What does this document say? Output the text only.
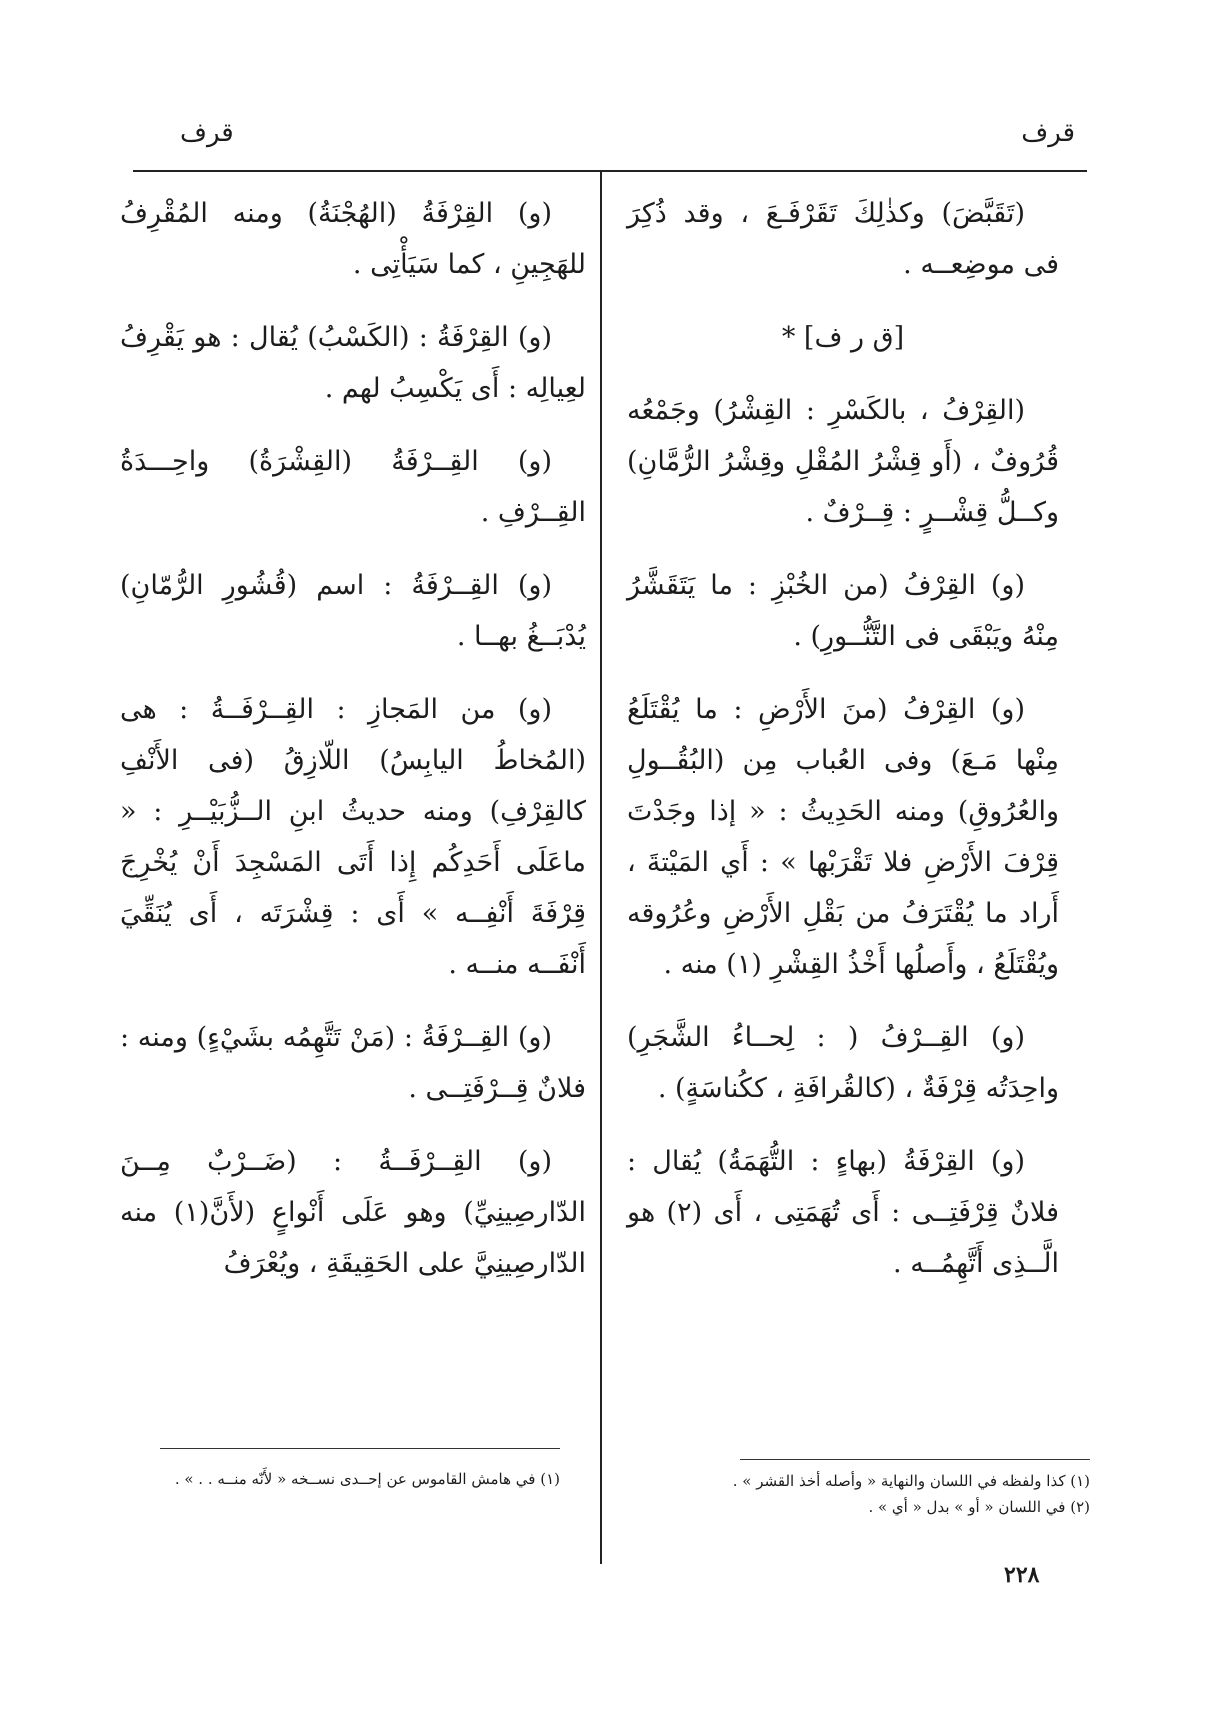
قرف
قرف

(تَقَبَّضَ) وكذٰلِكَ تَقَرْفَـعَ ، وقد ذُكِرَ فى موضِعــه .

[ق ر ف] *

(القِرْفُ ، بالكَسْرِ : القِشْرُ) وجَمْعُه قُرُوفٌ ، (أَو قِشْرُ المُقْلِ وقِشْرُ الرُّمَّانِ) وكــلُّ قِشْــرٍ : قِــرْفٌ .

(و) القِرْفُ (من الخُبْزِ : ما يَتَقَشَّرُ مِنْهُ ويَبْقَى فى التَّنُّــورِ) .

(و) القِرْفُ (منَ الأَرْضِ : ما يُقْتَلَعُ مِنْها مَـعَ) وفى العُباب مِن (البُقُــولِ والعُرُوقِ) ومنه الحَدِيثُ : « إذا وجَدْتَ قِرْفَ الأَرْضِ فلا تَقْرَبْها » : أَي المَيْتةَ ، أَراد ما يُقْتَرَفُ من بَقْلِ الأَرْضِ وعُرُوقه ويُقْتَلَعُ ، وأَصلُها أَخْذُ القِشْرِ (١) منه .

(و) القِــرْفُ ( : لِحــاءُ الشَّجَرِ) واحِدَتُه قِرْفَةٌ ، (كالقُرافَةِ ، ككُناسَةٍ) .

(و) القِرْفَةُ (بهاءٍ : التُّهَمَةُ) يُقال : فلانٌ قِرْفَتِــى : أَى تُهَمَتِى ، أَى (٢) هو الَّــذِى أَتَّهِمُــه .

(و) القِرْفَةُ (الهُجْنَةُ) ومنه المُقْرِفُ للهَجِينِ ، كما سَيَأْتِى .

(و) القِرْفَةُ : (الكَسْبُ) يُقال : هو يَقْرِفُ لعِيالِه : أَى يَكْسِبُ لهم .

(و) القِــرْفَةُ (القِشْرَةُ) واحِـــدَةُ القِــرْفِ .

(و) القِــرْفَةُ : اسم (قُشُورِ الرُّمّانِ) يُدْبَــغُ بهــا .

(و) من المَجازِ : القِــرْفَــةُ : هى (المُخاطُ اليابِسُ) اللّازِقُ (فى الأَنْفِ كالقِرْفِ) ومنه حديثُ ابنِ الــزُّبَيْــرِ : « ماعَلَى أَحَدِكُم إِذا أَتَى المَسْجِدَ أَنْ يُخْرِجَ قِرْفَةَ أَنْفِــه » أَى : قِشْرَتَه ، أَى يُنَقِّيَ أَنْفَــه منــه .

(و) القِــرْفَةُ : (مَنْ تَتَّهِمُه بشَيْءٍ) ومنه : فلانٌ قِــرْفَتِــى .

(و) القِــرْفَــةُ : (ضَــرْبٌ مِــنَ الدّارصِينِيِّ) وهو عَلَى أَنْواعٍ (لأَنَّ(١) منه الدّارصِينِيَّ على الحَقِيقَةِ ، ويُعْرَفُ

(١) كذا ولفظه في اللسان والنهاية « وأصله أخذ القشر » .
(٢) في اللسان « أو » بدل « أي » .
(١) في هامش القاموس عن إحــدى نســخه « لأَنّه منــه . . » .
٢٢٨
